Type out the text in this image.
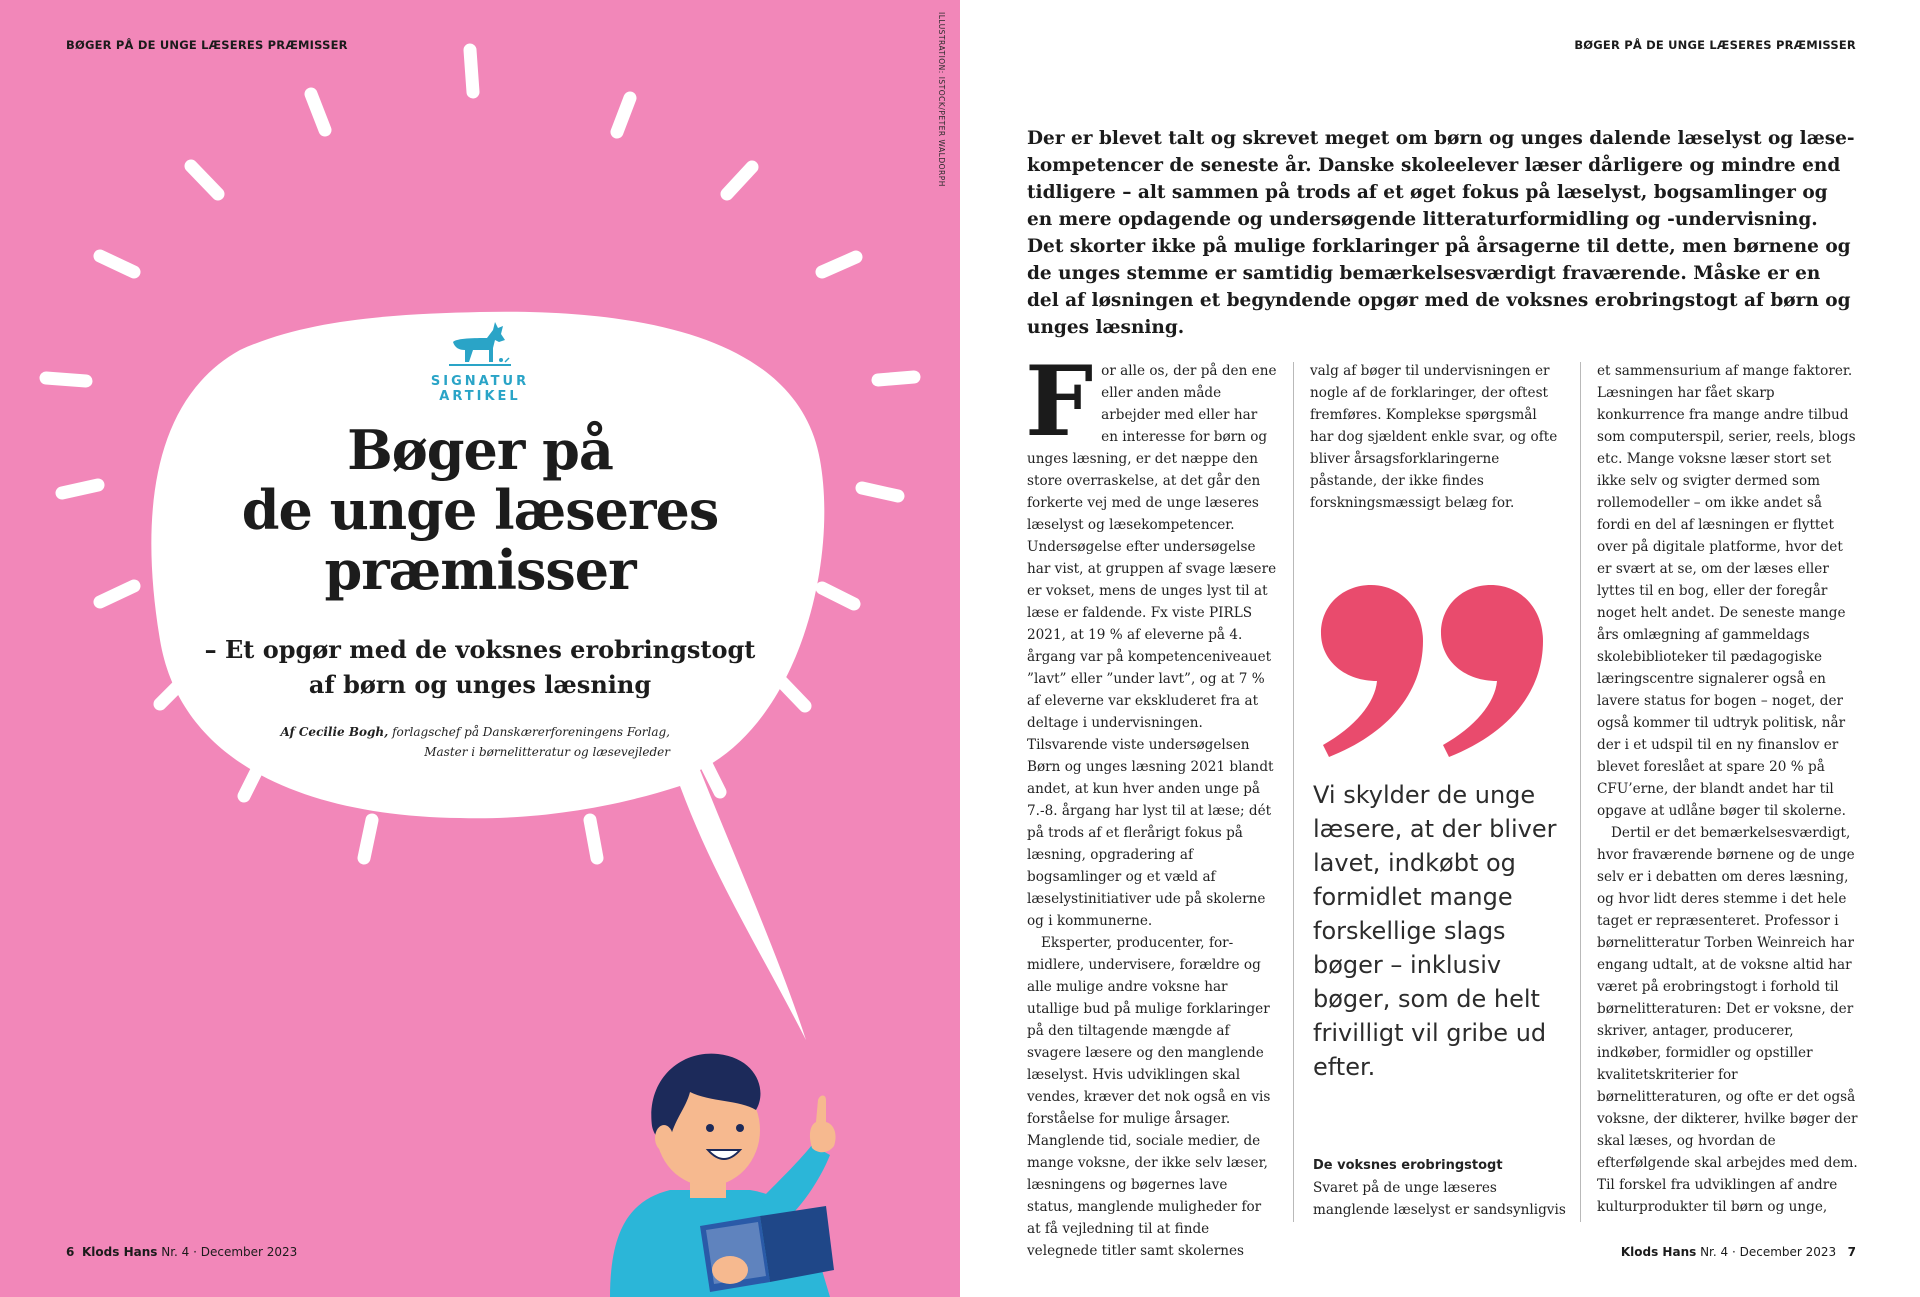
BØGER PÅ DE UNGE LÆSERES PRÆMISSER	ILLUSTRATION: ISTOCK/PETER WALDORPH
SIGNATUR
ARTIKEL
Bøger på
de unge læseres
præmisser
– Et opgør med de voksnes erobringstogt
af børn og unges læsning
Af Cecilie Bogh, forlagschef på Danskærerforeningens Forlag,
Master i børnelitteratur og læsevejleder
6 Klods Hans Nr. 4 · December 2023
BØGER PÅ DE UNGE LÆSERES PRÆMISSER
Der er blevet talt og skrevet meget om børn og unges dalende læselyst og læsekompetencer de seneste år. Danske skoleelever læser dårligere og mindre end tidligere – alt sammen på trods af et øget fokus på læselyst, bogsamlinger og en mere opdagende og undersøgende litteraturformidling og -undervisning. Det skorter ikke på mulige forklaringer på årsagerne til dette, men børnene og de unges stemme er samtidig bemærkelsesværdigt fraværende. Måske er en del af løsningen et begyndende opgør med de voksnes erobringstogt af børn og unges læsning.

For alle os, der på den ene eller anden måde arbejder med eller har en interesse for børn og unges læsning, er det næppe den store overraskelse, at det går den forkerte vej med de unge læseres læselyst og læsekompetencer. Undersøgelse efter undersøgelse har vist, at gruppen af svage læsere er vokset, mens de unges lyst til at læse er faldende. Fx viste PIRLS 2021, at 19 % af eleverne på 4. årgang var på kompetenceniveauet ”lavt” eller ”under lavt”, og at 7 % af eleverne var ekskluderet fra at deltage i undervisningen. Tilsvarende viste undersøgelsen Børn og unges læsning 2021 blandt andet, at kun hver anden unge på 7.-8. årgang har lyst til at læse; dét på trods af et flerårigt fokus på læsning, opgradering af bogsamlinger og et væld af læselystinitiativer ude på skolerne og i kommunerne.

Eksperter, producenter, formidlere, undervisere, forældre og alle mulige andre voksne har utallige bud på mulige forklaringer på den tiltagende mængde af svagere læsere og den manglende læselyst. Hvis udviklingen skal vendes, kræver det nok også en vis forståelse for mulige årsager. Manglende tid, sociale medier, de mange voksne, der ikke selv læser, læsningens og bøgernes lave status, manglende muligheder for at få vejledning til at finde velegnede titler samt skolernes

valg af bøger til undervisningen er nogle af de forklaringer, der oftest fremføres. Komplekse spørgsmål har dog sjældent enkle svar, og ofte bliver årsagsforklaringerne påstande, der ikke findes forskningsmæssigt belæg for.

Vi skylder de unge læsere, at der bliver lavet, indkøbt og formidlet mange forskellige slags bøger – inklusiv bøger, som de helt frivilligt vil gribe ud efter.
De voksnes erobringstogt

Svaret på de unge læseres manglende læselyst er sandsynligvis

et sammensurium af mange faktorer. Læsningen har fået skarp konkurrence fra mange andre tilbud som computerspil, serier, reels, blogs etc. Mange voksne læser stort set ikke selv og svigter dermed som rollemodeller – om ikke andet så fordi en del af læsningen er flyttet over på digitale platforme, hvor det er svært at se, om der læses eller lyttes til en bog, eller der foregår noget helt andet. De seneste mange års omlægning af gammeldags skolebiblioteker til pædagogiske læringscentre signalerer også en lavere status for bogen – noget, der også kommer til udtryk politisk, når der i et udspil til en ny finanslov er blevet foreslået at spare 20 % på CFU’erne, der blandt andet har til opgave at udlåne bøger til skolerne.

Dertil er det bemærkelsesværdigt, hvor fraværende børnene og de unge selv er i debatten om deres læsning, og hvor lidt deres stemme i det hele taget er repræsenteret. Professor i børnelitteratur Torben Weinreich har engang udtalt, at de voksne altid har været på erobringstogt i forhold til børnelitteraturen: Det er voksne, der skriver, antager, producerer, indkøber, formidler og opstiller kvalitetskriterier for børnelitteraturen, og ofte er det også voksne, der dikterer, hvilke bøger der skal læses, og hvordan de efterfølgende skal arbejdes med dem. Til forskel fra udviklingen af andre kulturprodukter til børn og unge,

Klods Hans Nr. 4 · December 2023 7
